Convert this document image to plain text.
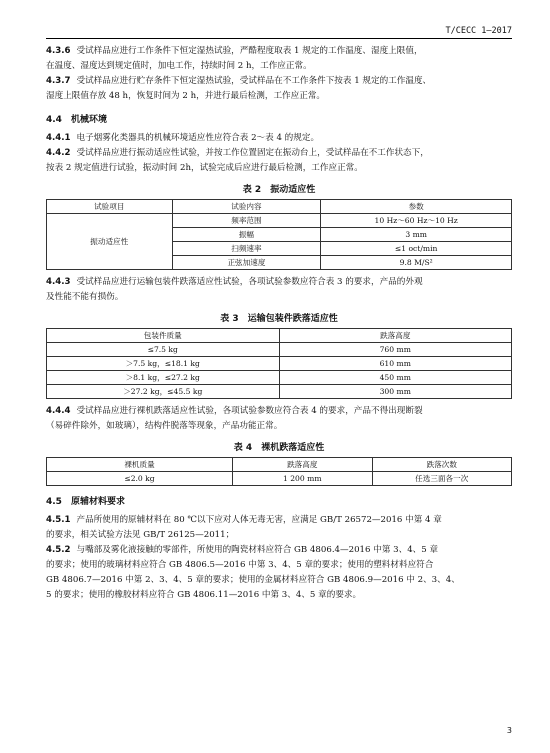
T/CECC 1—2017

4.3.6 受试样品应进行工作条件下恒定湿热试验，严酷程度取表 1 规定的工作温度、湿度上限值，

在温度、湿度达到规定值时，加电工作，持续时间 2 h，工作应正常。

4.3.7 受试样品应进行贮存条件下恒定湿热试验，受试样品在不工作条件下按表 1 规定的工作温度、

湿度上限值存放 48 h，恢复时间为 2 h，并进行最后检测，工作应正常。

4.4　 机械环境

4.4.1 电子烟雾化类器具的机械环境适应性应符合表 2～表 4 的规定。

4.4.2 受试样品应进行振动适应性试验，并按工作位置固定在振动台上，受试样品在不工作状态下，

按表 2 规定值进行试验，振动时间 2h，试验完成后应进行最后检测，工作应正常。

表 2　振动适应性
试验项目	试验内容	参数
振动适应性	频率范围	10 Hz～60 Hz～10 Hz
	振幅	3 mm
	扫频速率	≤1 oct/min
	正弦加速度	9.8 M/S²

4.4.3 受试样品应进行运输包装件跌落适应性试验，各项试验参数应符合表 3 的要求，产品的外观

及性能不能有损伤。

表 3　运输包装件跌落适应性
包装件质量	跌落高度
≤7.5 kg	760 mm
＞7.5 kg，≤18.1 kg	610 mm
＞8.1 kg，≤27.2 kg	450 mm
＞27.2 kg，≤45.5 kg	300 mm

4.4.4 受试样品应进行裸机跌落适应性试验，各项试验参数应符合表 4 的要求，产品不得出现断裂

（易碎件除外，如玻璃），结构件脱落等现象，产品功能正常。

表 4　裸机跌落适应性
裸机质量	跌落高度	跌落次数
≤2.0 kg	1 200 mm	任选三面各一次
4.5　 原辅材料要求

4.5.1 产品所使用的原辅材料在 80 ℃以下应对人体无毒无害，应满足 GB/T 26572—2016 中第 4 章

的要求，相关试验方法见 GB/T 26125—2011；

4.5.2 与嘴部及雾化液接触的零部件，所使用的陶瓷材料应符合 GB 4806.4—2016 中第 3、4、5 章

的要求；使用的玻璃材料应符合 GB 4806.5—2016 中第 3、4、5 章的要求；使用的塑料材料应符合

GB 4806.7—2016 中第 2、3、4、5 章的要求；使用的金属材料应符合 GB 4806.9—2016 中 2、3、4、

5 的要求；使用的橡胶材料应符合 GB 4806.11—2016 中第 3、4、5 章的要求。

3
